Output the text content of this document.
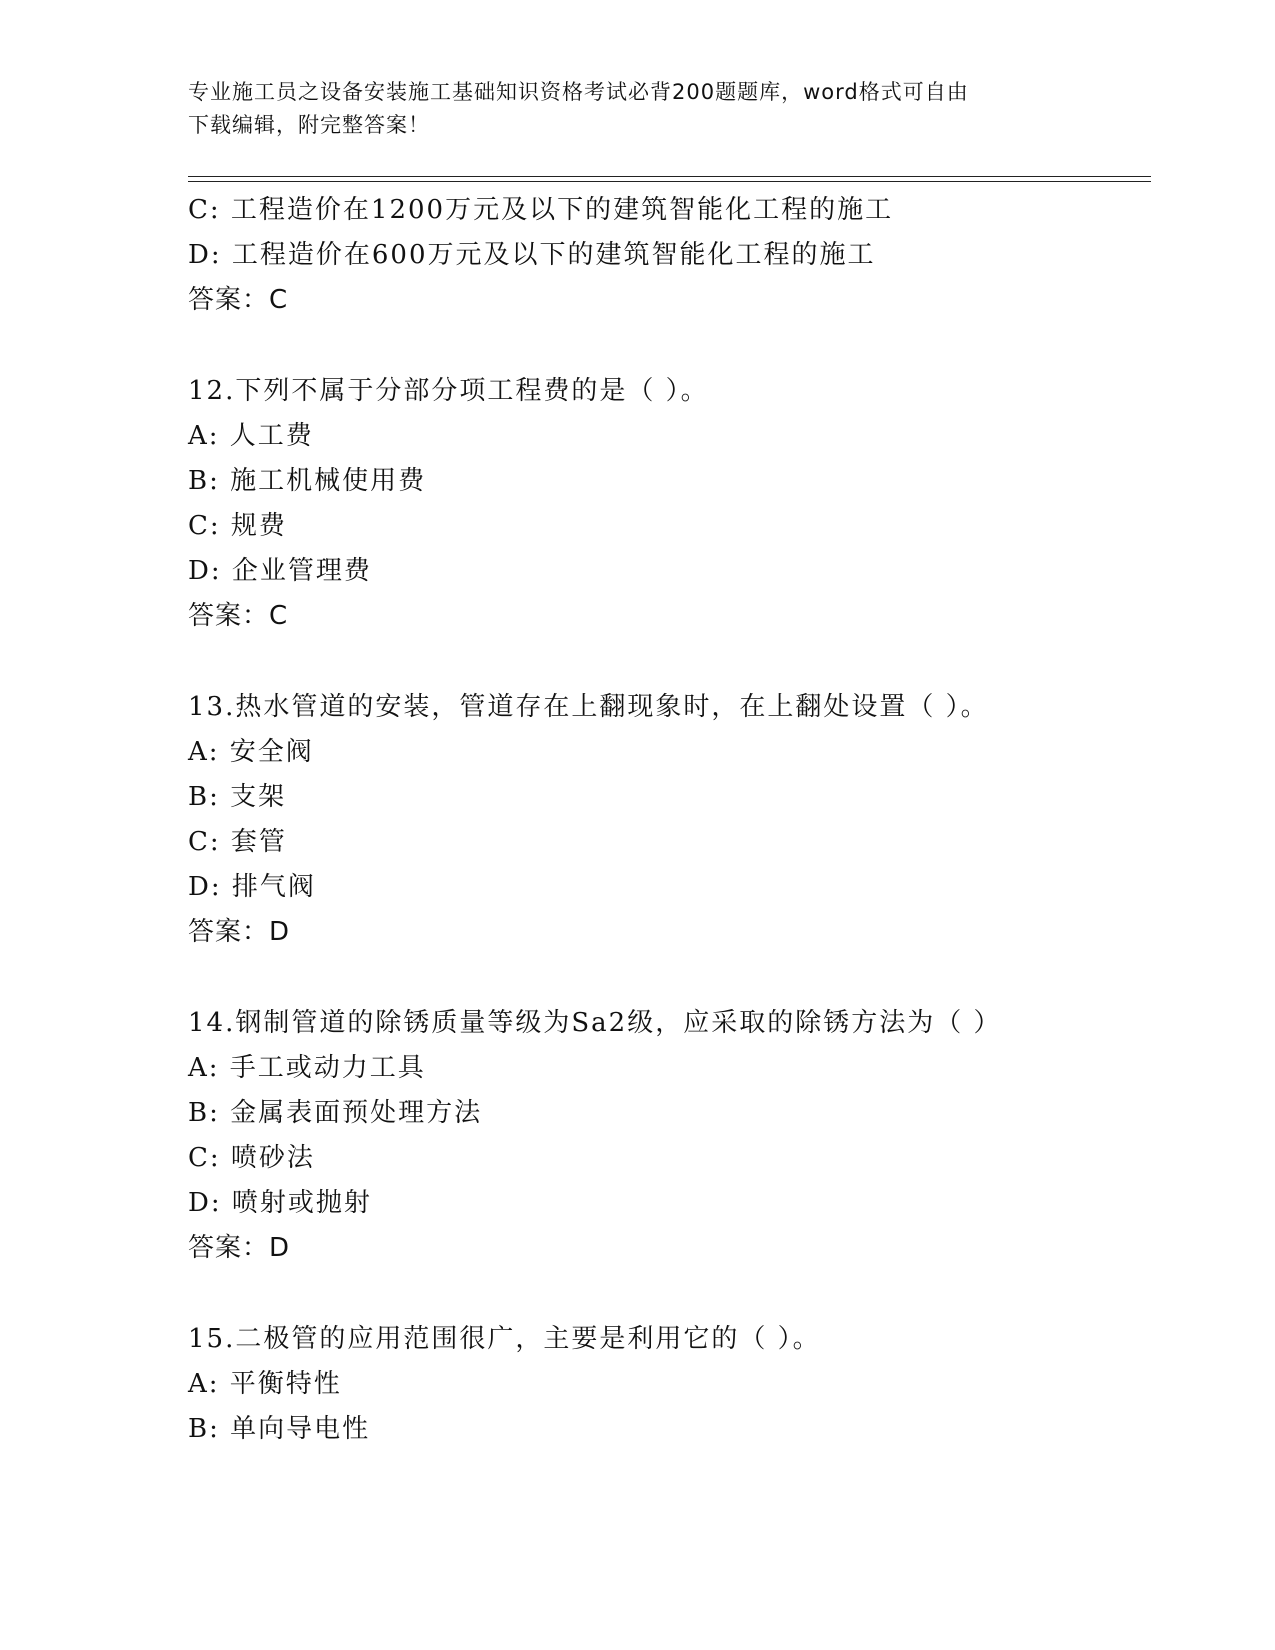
专业施工员之设备安装施工基础知识资格考试必背200题题库，word格式可自由
下载编辑，附完整答案！
C: 工程造价在1200万元及以下的建筑智能化工程的施工
D: 工程造价在600万元及以下的建筑智能化工程的施工
答案：C
12.下列不属于分部分项工程费的是（ ）。
A: 人工费
B: 施工机械使用费
C: 规费
D: 企业管理费
答案：C
13.热水管道的安装，管道存在上翻现象时，在上翻处设置（ ）。
A: 安全阀
B: 支架
C: 套管
D: 排气阀
答案：D
14.钢制管道的除锈质量等级为Sa2级，应采取的除锈方法为（ ）
A: 手工或动力工具
B: 金属表面预处理方法
C: 喷砂法
D: 喷射或抛射
答案：D
15.二极管的应用范围很广，主要是利用它的（ ）。
A: 平衡特性
B: 单向导电性
